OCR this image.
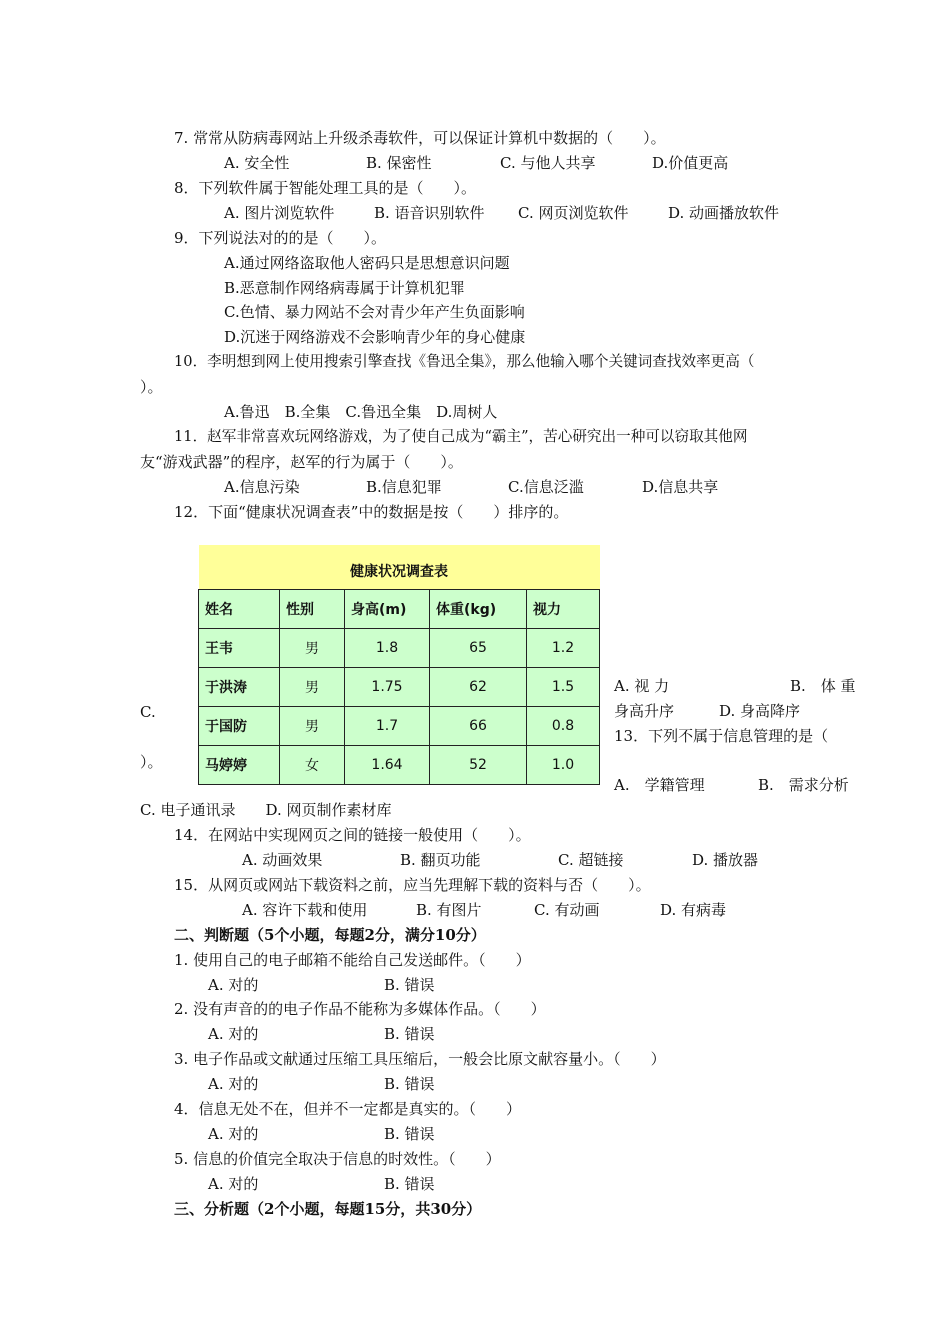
7. 常常从防病毒网站上升级杀毒软件，可以保证计算机中数据的（　　）。
A. 安全性	B. 保密性	C. 与他人共享	D.价值更高
8．下列软件属于智能处理工具的是（　　）。
A. 图片浏览软件	B. 语音识别软件 C. 网页浏览软件	D. 动画播放软件
9．下列说法对的的是（　　）。
A.通过网络盗取他人密码只是思想意识问题
B.恶意制作网络病毒属于计算机犯罪
C.色情、暴力网站不会对青少年产生负面影响
D.沉迷于网络游戏不会影响青少年的身心健康
10．李明想到网上使用搜索引擎查找《鲁迅全集》，那么他输入哪个关键词查找效率更高（
）。
A.鲁迅　B.全集　C.鲁迅全集　D.周树人
11．赵军非常喜欢玩网络游戏，为了使自己成为“霸主”，苦心研究出一种可以窃取其他网
友“游戏武器”的程序，赵军的行为属于（　　）。
A.信息污染	B.信息犯罪	C.信息泛滥	D.信息共享
12．下面“健康状况调查表”中的数据是按（　　）排序的。
健康状况调查表				
姓名	性别	身高(m)	体重(kg)	视力
王韦	男	1.8	65	1.2
于洪涛	男	1.75	62	1.5
于国防	男	1.7	66	0.8
马婷婷	女	1.64	52	1.0
A. 视 力	B.　体 重
身高升序　　　D. 身高降序
C.
）。
13．下列不属于信息管理的是（
A.　学籍管理	B.　需求分析
C. 电子通讯录　　D. 网页制作素材库
14．在网站中实现网页之间的链接一般使用（　　）。
A. 动画效果	B. 翻页功能	C. 超链接	D. 播放器
15．从网页或网站下载资料之前，应当先理解下载的资料与否（　　）。
A. 容许下载和使用	B. 有图片	C. 有动画	D. 有病毒
二、判断题（5个小题，每题2分，满分10分）
1. 使用自己的电子邮箱不能给自己发送邮件。（　　）
A. 对的	B. 错误
2. 没有声音的的电子作品不能称为多媒体作品。（　　）
A. 对的	B. 错误
3. 电子作品或文献通过压缩工具压缩后，一般会比原文献容量小。（　　）
A. 对的	B. 错误
4．信息无处不在，但并不一定都是真实的。（　　）
A. 对的	B. 错误
5. 信息的价值完全取决于信息的时效性。（　　）
A. 对的	B. 错误
三、分析题（2个小题，每题15分，共30分）
